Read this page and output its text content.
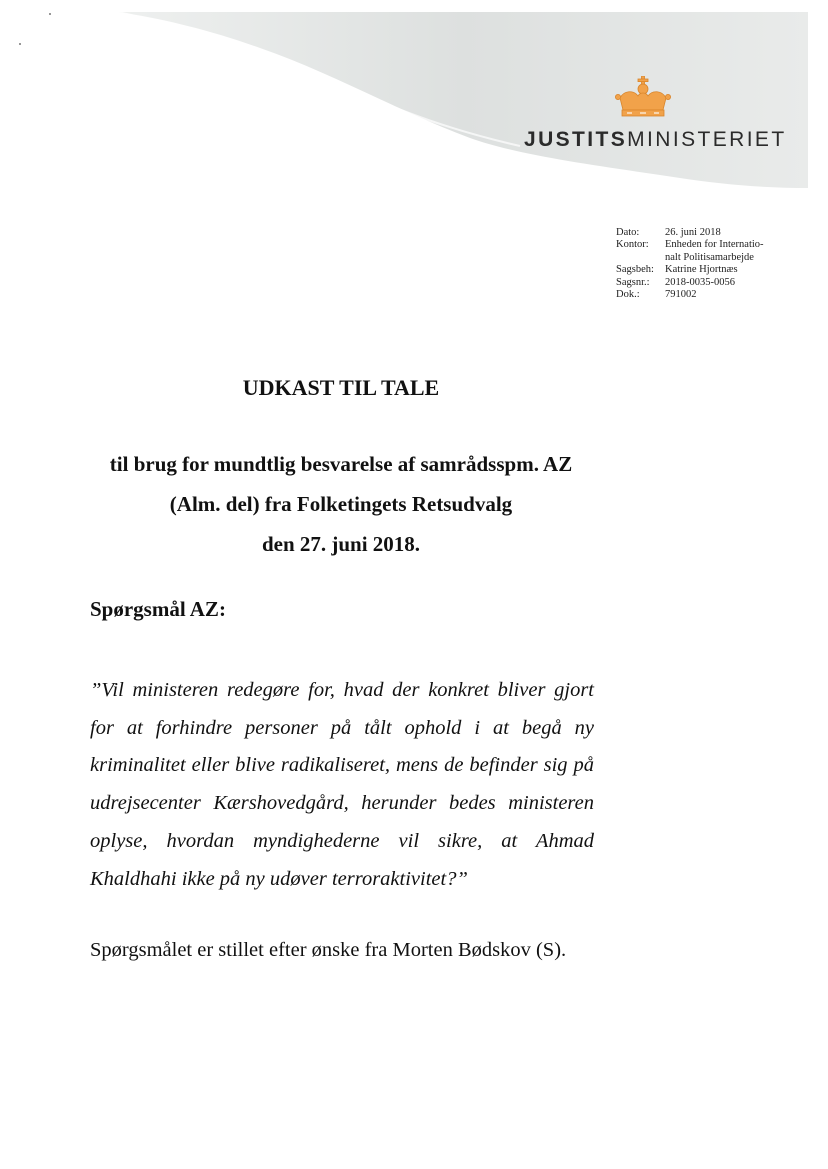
JUSTITSMINISTERIET
Dato:	26. juni 2018
Kontor:	Enheden for Internatio-
nalt Politisamarbejde
Sagsbeh:	Katrine Hjortnæs
Sagsnr.:	2018-0035-0056
Dok.:	791002
UDKAST TIL TALE
til brug for mundtlig besvarelse af samrådsspm. AZ
(Alm. del) fra Folketingets Retsudvalg
den 27. juni 2018.
Spørgsmål AZ:
”Vil ministeren redegøre for, hvad der konkret bliver gjort for at forhindre personer på tålt ophold i at begå ny kriminalitet eller blive radikaliseret, mens de befinder sig på udrejsecenter Kærshovedgård, herunder bedes ministeren oplyse, hvordan myndighederne vil sikre, at Ahmad Khaldhahi ikke på ny udøver terroraktivitet?”
Spørgsmålet er stillet efter ønske fra Morten Bødskov (S).
